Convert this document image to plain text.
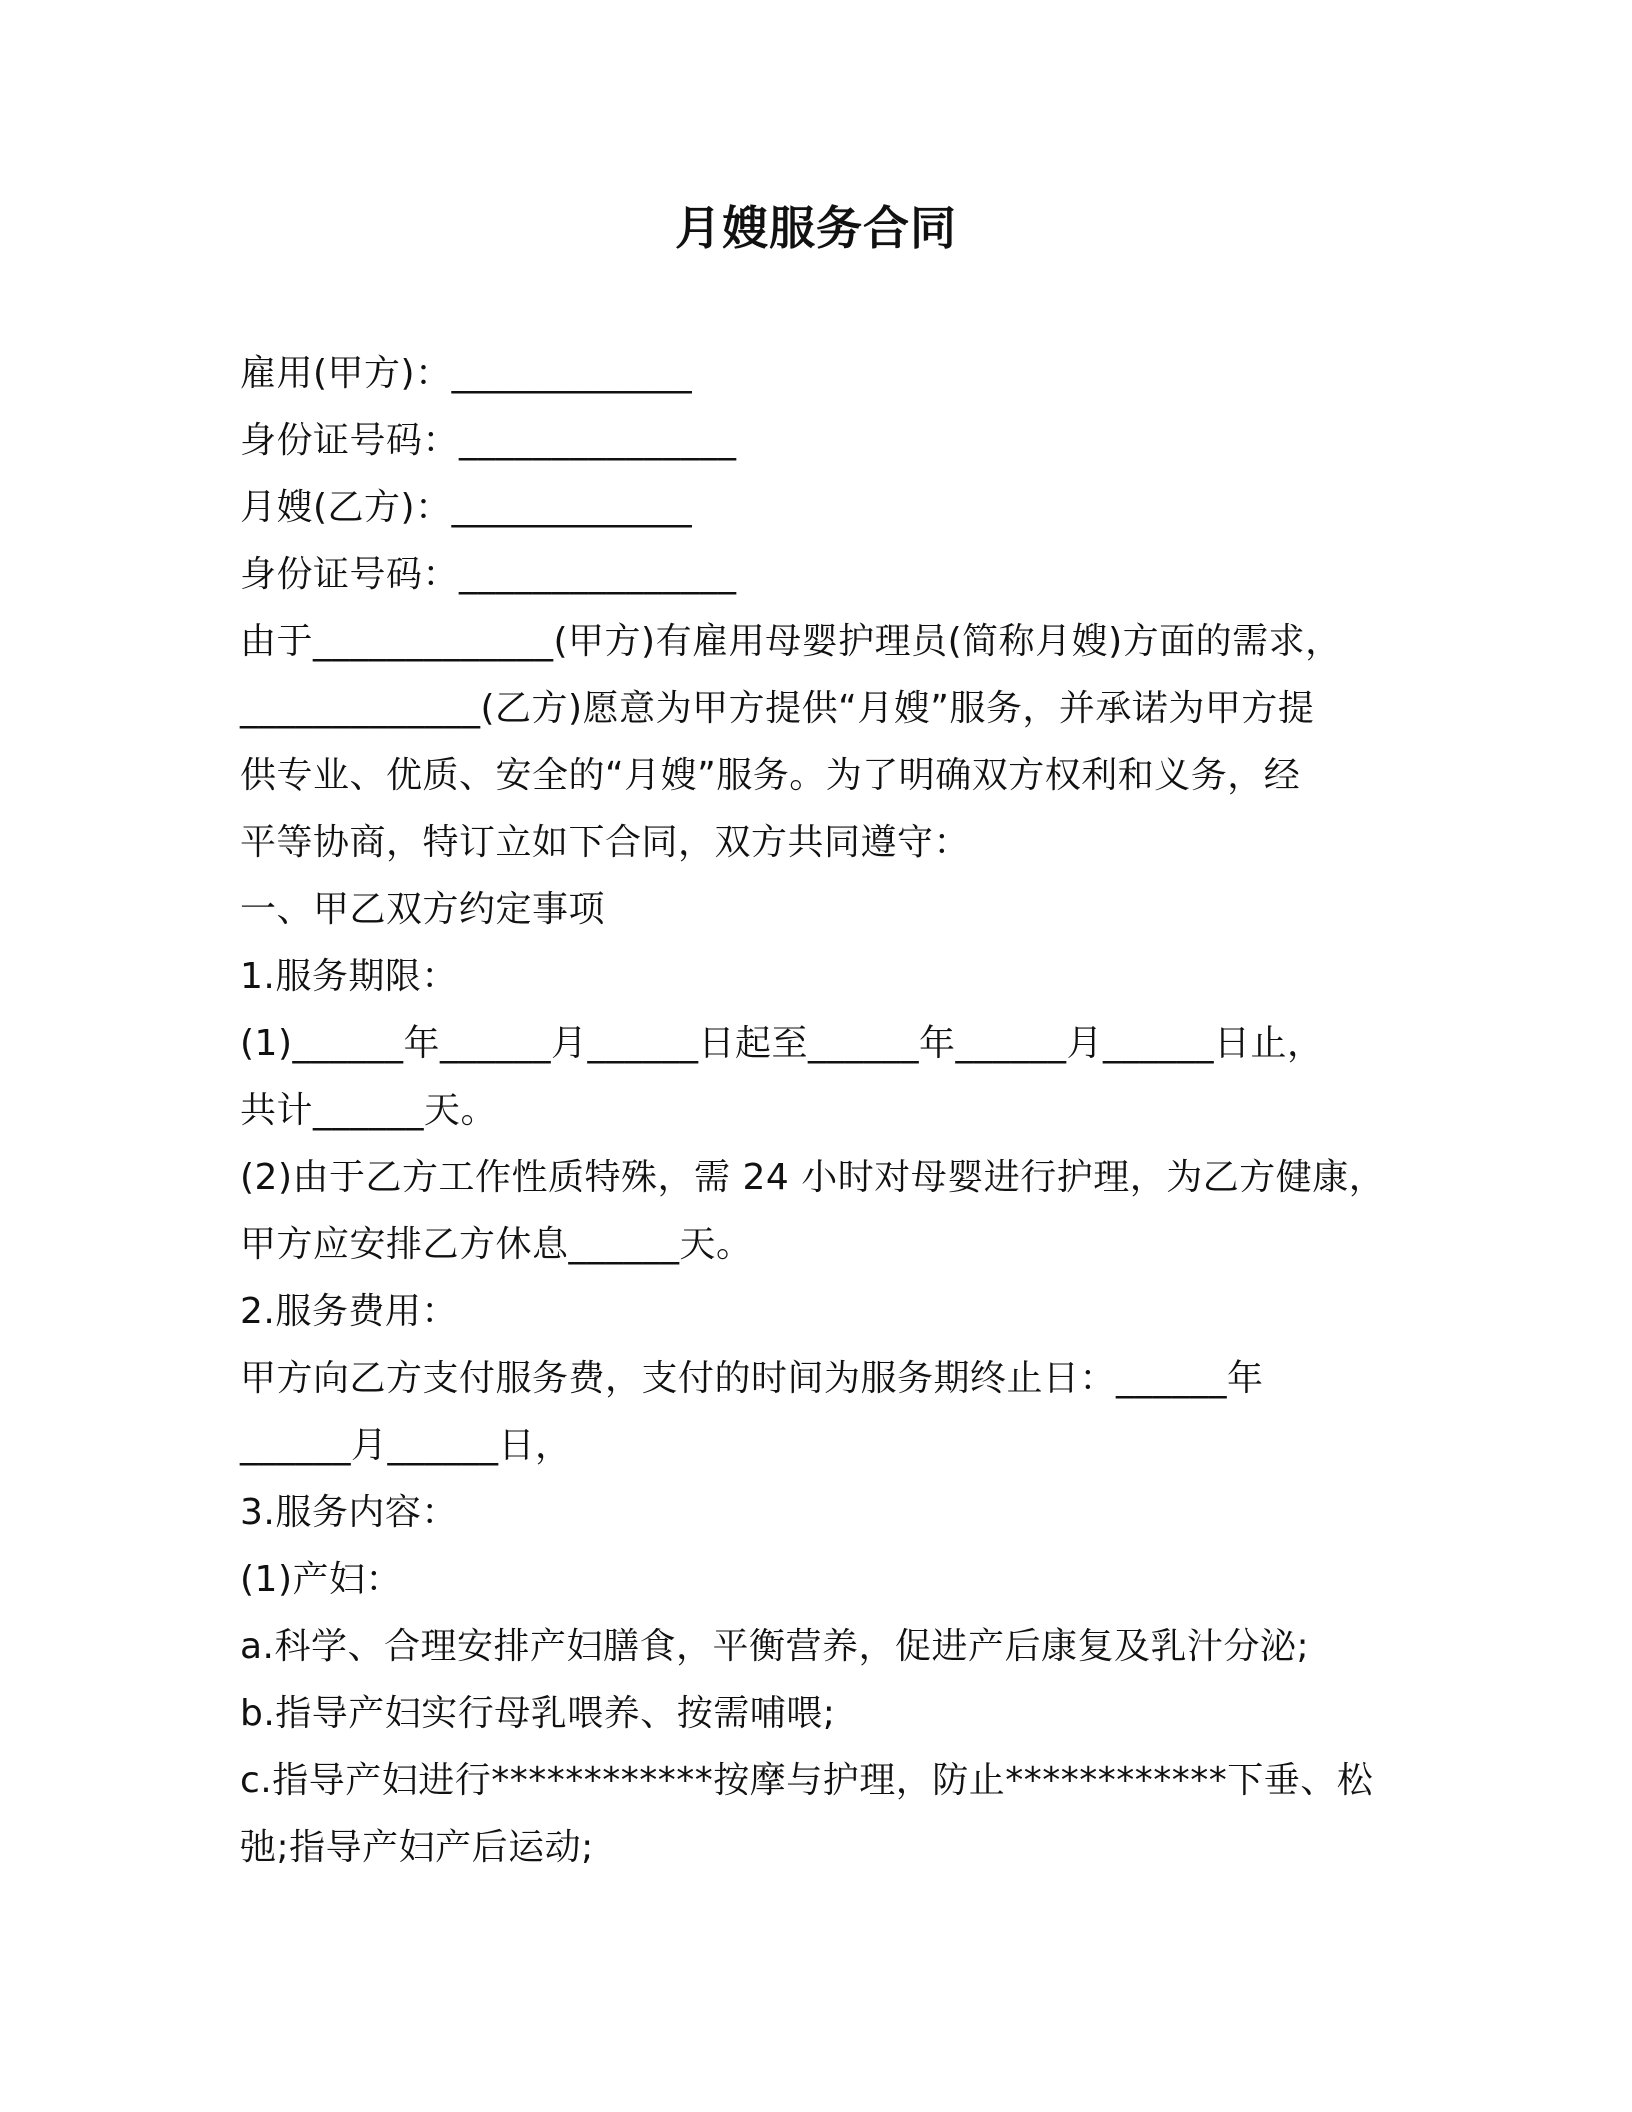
月嫂服务合同
雇用(甲方)：_____________
身份证号码：_______________
月嫂(乙方)：_____________
身份证号码：_______________
由于_____________(甲方)有雇用母婴护理员(简称月嫂)方面的需求，
_____________(乙方)愿意为甲方提供“月嫂”服务，并承诺为甲方提
供专业、优质、安全的“月嫂”服务。为了明确双方权利和义务，经
平等协商，特订立如下合同，双方共同遵守：
一、甲乙双方约定事项
1.服务期限：
(1)______年______月______日起至______年______月______日止，
共计______天。
(2)由于乙方工作性质特殊，需 24 小时对母婴进行护理，为乙方健康，
甲方应安排乙方休息______天。
2.服务费用：
甲方向乙方支付服务费，支付的时间为服务期终止日：______年
______月______日，
3.服务内容：
(1)产妇：
a.科学、合理安排产妇膳食，平衡营养，促进产后康复及乳汁分泌;
b.指导产妇实行母乳喂养、按需哺喂;
c.指导产妇进行************按摩与护理，防止************下垂、松
弛;指导产妇产后运动;
